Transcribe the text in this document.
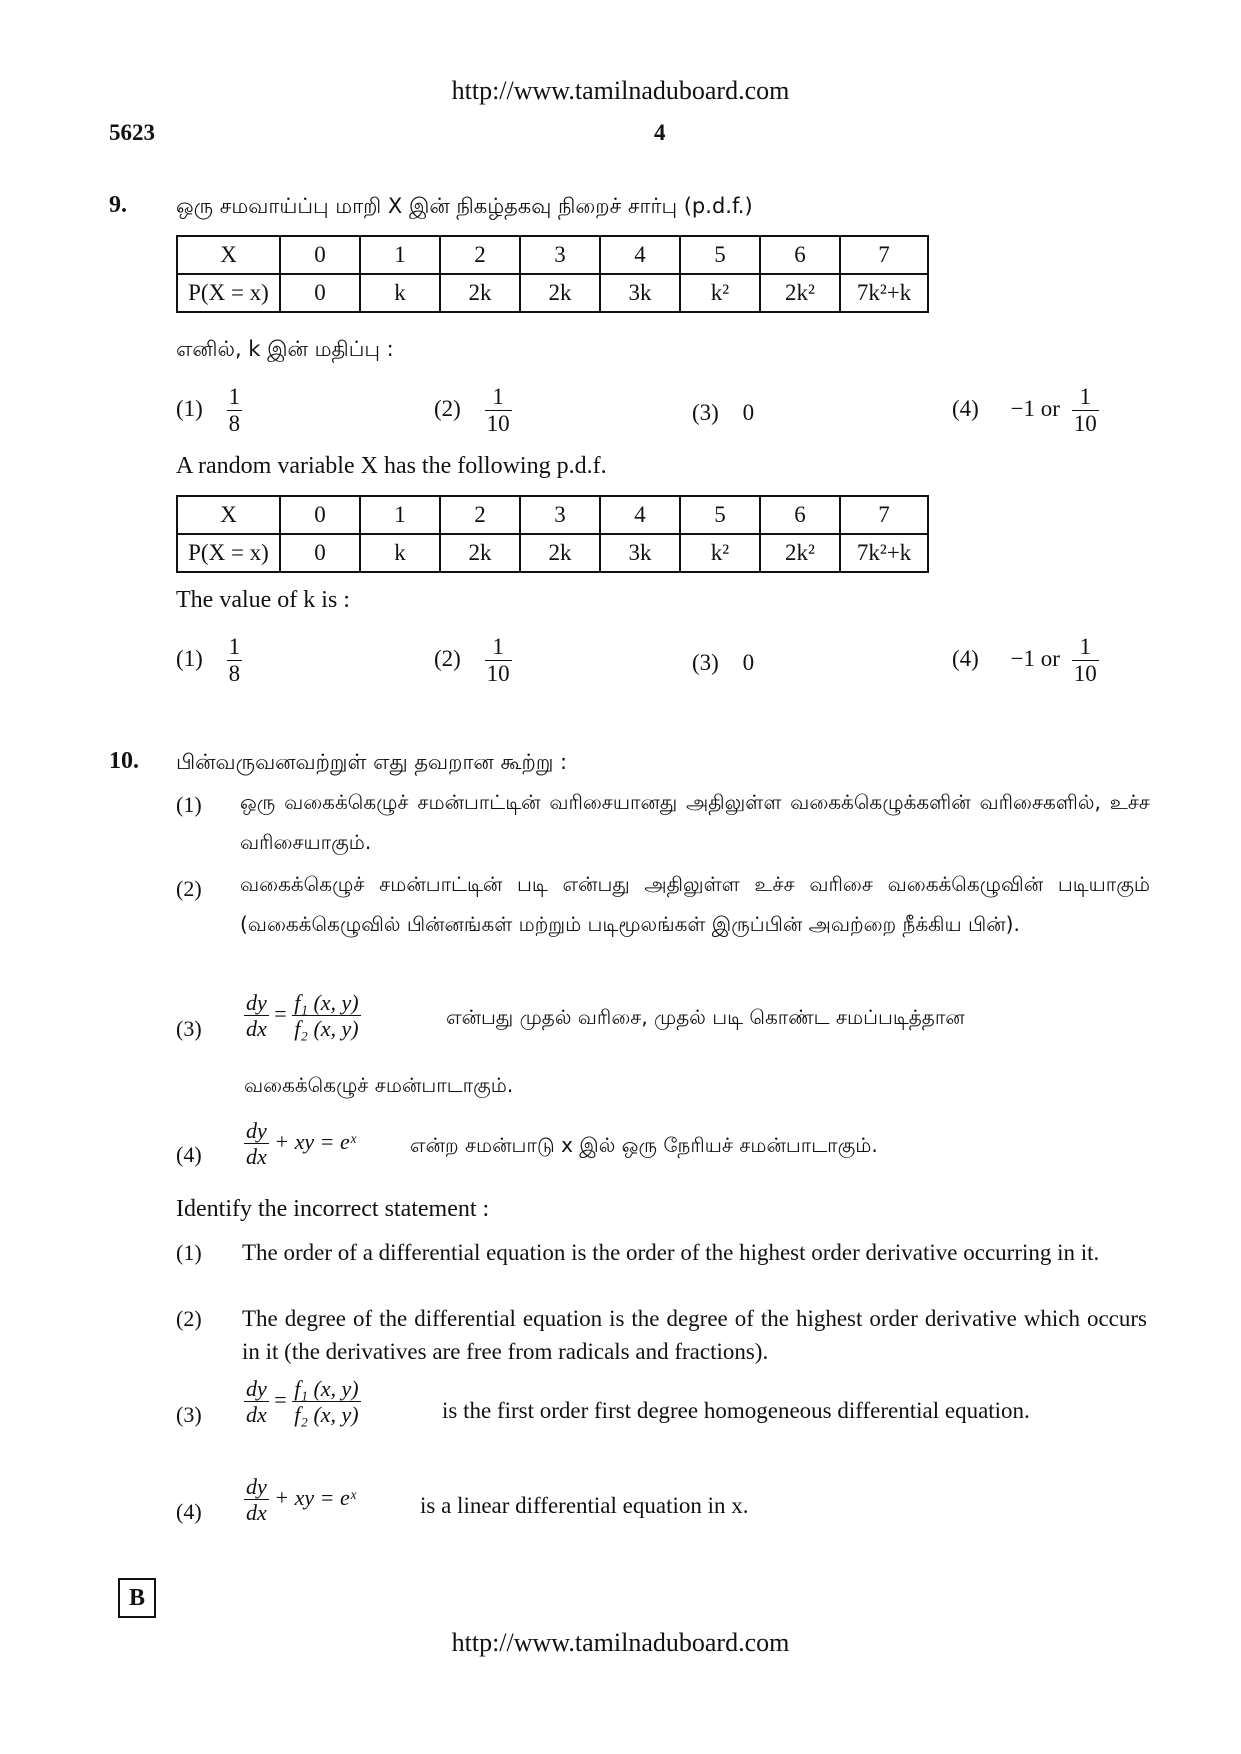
http://www.tamilnaduboard.com
5623	4
9. ஒரு சமவாய்ப்பு மாறி X இன் நிகழ்தகவு நிறைச் சார்பு (p.d.f.)
X	0	1	2	3	4	5	6	7
P(X = x)	0	k	2k	2k	3k	k²	2k²	7k²+k
எனில், k இன் மதிப்பு :
$(1) \frac{1}{8}$	$(2) \frac{1}{10}$	(3) 0	(4) −1 or $\frac{1}{10}$
A random variable X has the following p.d.f.
X	0	1	2	3	4	5	6	7
P(X = x)	0	k	2k	2k	3k	k²	2k²	7k²+k
The value of k is :
$(1) \frac{1}{8}$	$(2) \frac{1}{10}$	(3) 0	(4) −1 or $\frac{1}{10}$
10. பின்வருவனவற்றுள் எது தவறான கூற்று :
(1) ஒரு வகைக்கெழுச் சமன்பாட்டின் வரிசையானது அதிலுள்ள வகைக்கெழுக்களின் வரிசைகளில், உச்ச வரிசையாகும்.
(2) வகைக்கெழுச் சமன்பாட்டின் படி என்பது அதிலுள்ள உச்ச வரிசை வகைக்கெழுவின் படியாகும் (வகைக்கெழுவில் பின்னங்கள் மற்றும் படிமூலங்கள் இருப்பின் அவற்றை நீக்கிய பின்).
$(3) \frac{dy}{dx} = \frac{\text{f₁ (x, y)}}{\text{f₂ (x, y)}}$	என்பது முதல் வரிசை, முதல் படி கொண்ட சமப்படித்தான
வகைக்கெழுச் சமன்பாடாகும்.
$(4) \frac{dy}{dx}$ + xy = eˣ	என்ற சமன்பாடு x இல் ஒரு நேரியச் சமன்பாடாகும்.
Identify the incorrect statement :
(1) The order of a differential equation is the order of the highest order derivative occurring in it.
(2) The degree of the differential equation is the degree of the highest order derivative which occurs in it (the derivatives are free from radicals and fractions).
$(3) \frac{dy}{dx} = \frac{\text{f₁ (x, y)}}{\text{f₂ (x, y)}}$	is the first order first degree homogeneous differential equation.
$(4) \frac{dy}{dx}$ + xy = eˣ	is a linear differential equation in x.
B
http://www.tamilnaduboard.com
